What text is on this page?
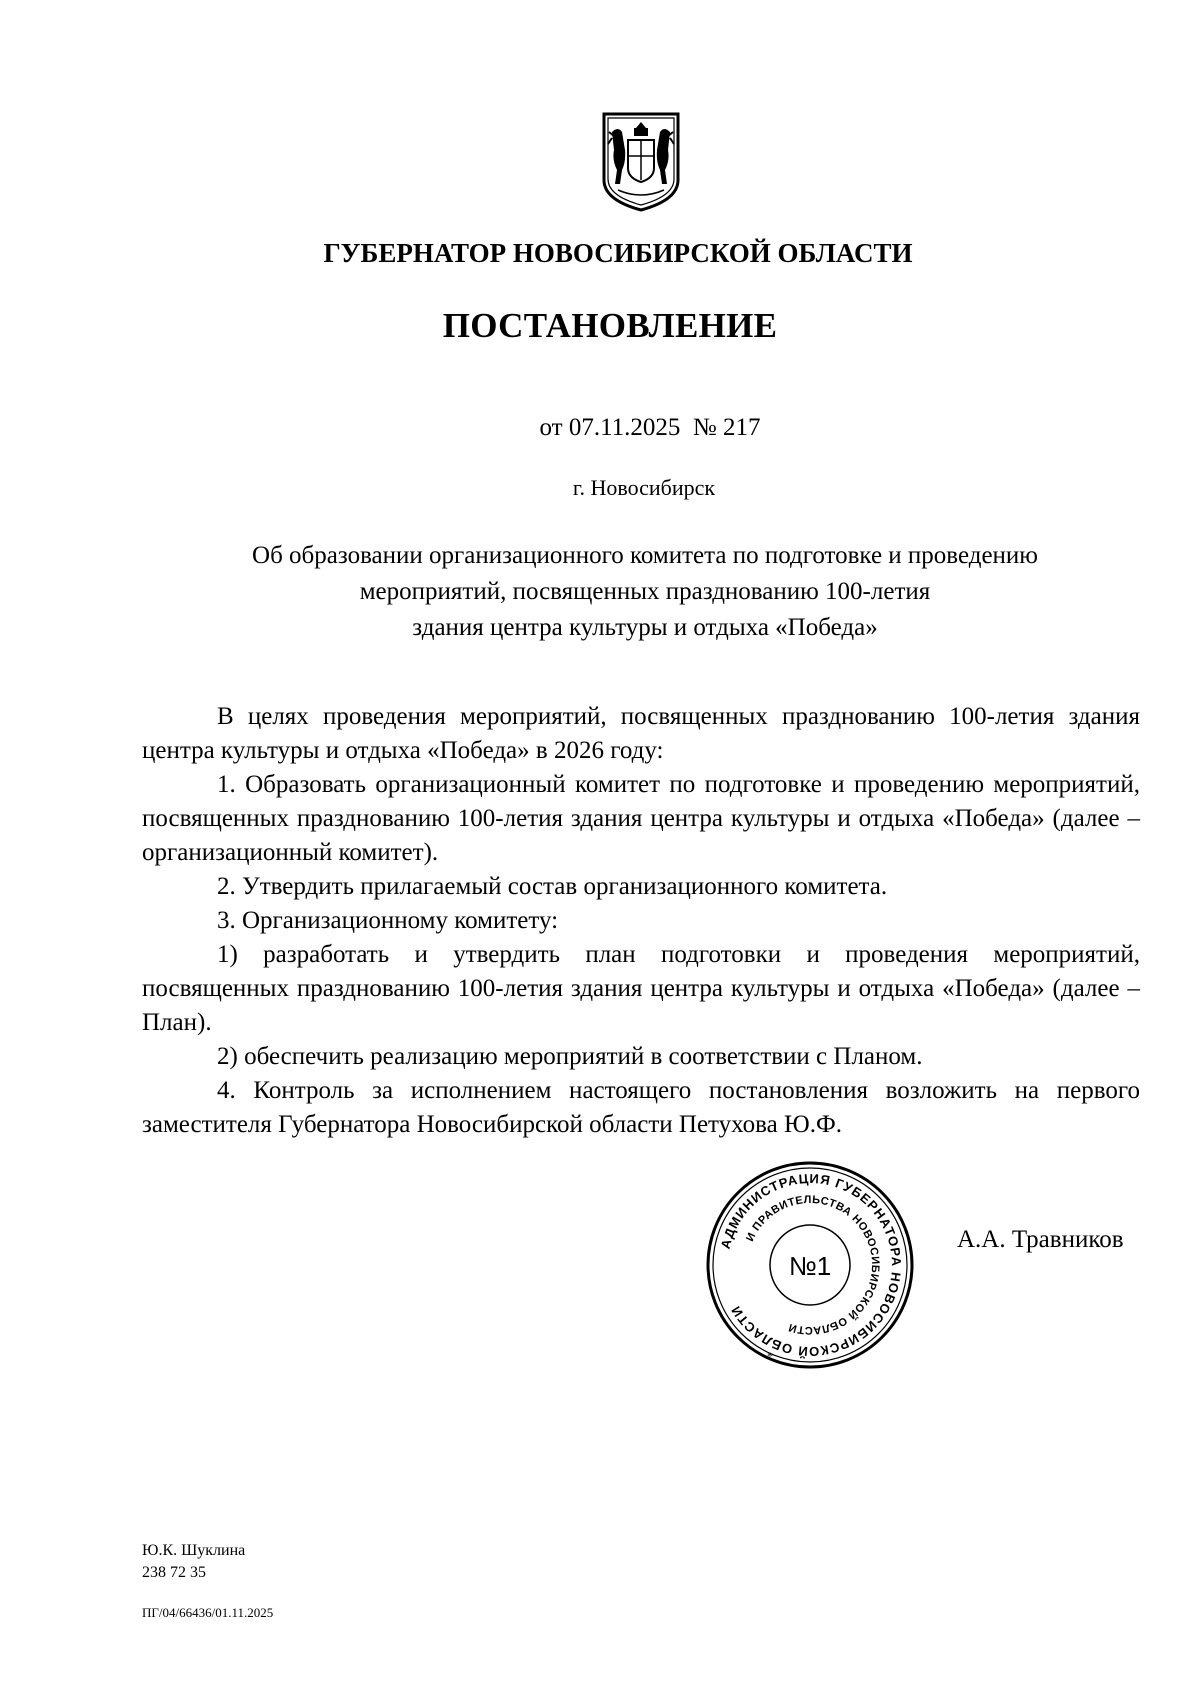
ГУБЕРНАТОР НОВОСИБИРСКОЙ ОБЛАСТИ
ПОСТАНОВЛЕНИЕ
от 07.11.2025  № 217
г. Новосибирск
Об образовании организационного комитета по подготовке и проведению
мероприятий, посвященных празднованию 100-летия
здания центра культуры и отдыха «Победа»

В целях проведения мероприятий, посвященных празднованию 100-летия здания центра культуры и отдыха «Победа» в 2026 году:

1. Образовать организационный комитет по подготовке и проведению мероприятий, посвященных празднованию 100-летия здания центра культуры и отдыха «Победа» (далее – организационный комитет).

2. Утвердить прилагаемый состав организационного комитета.

3. Организационному комитету:

1) разработать и утвердить план подготовки и проведения мероприятий, посвященных празднованию 100-летия здания центра культуры и отдыха «Победа» (далее – План).

2) обеспечить реализацию мероприятий в соответствии с Планом.

4. Контроль за исполнением настоящего постановления возложить на первого заместителя Губернатора Новосибирской области Петухова Ю.Ф.

АДМИНИСТРАЦИЯ ГУБЕРНАТОРА НОВОСИБИРСКОЙ ОБЛАСТИ
И ПРАВИТЕЛЬСТВА НОВОСИБИРСКОЙ ОБЛАСТИ
№1
*
А.А. Травников
Ю.К. Шуклина
238 72 35
ПГ/04/66436/01.11.2025
